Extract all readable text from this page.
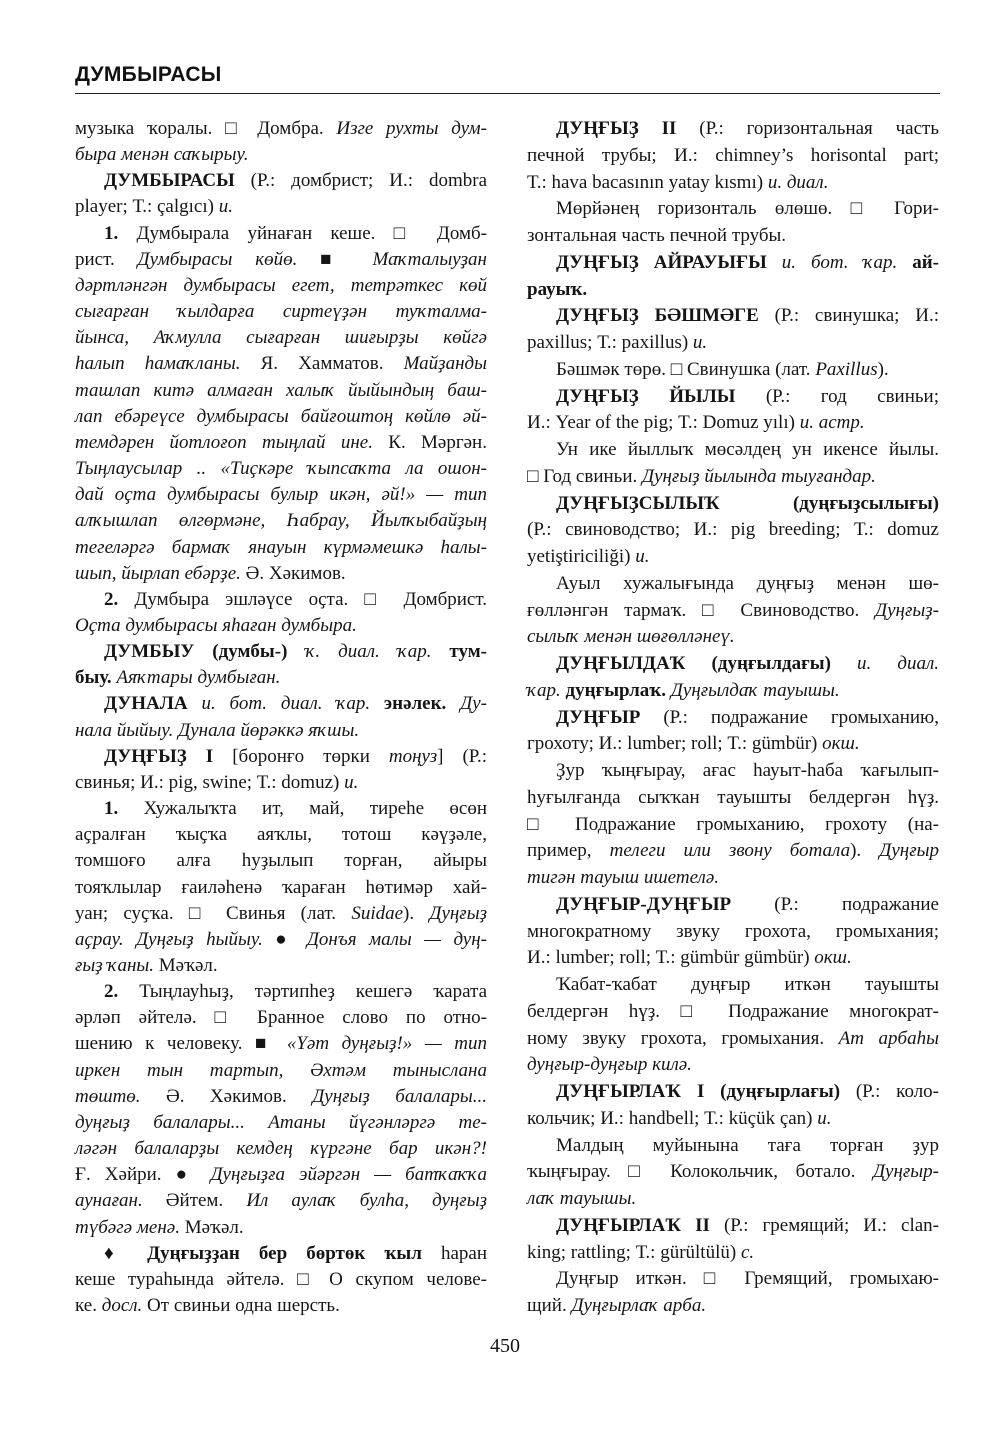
ДУМБЫРАСЫ
музыка ҡоралы. □ Домбра. Изге рухты дум-
быра менән саҡырыу.
ДУМБЫРАСЫ (Р.: домбрист; И.: dombra
player; Т.: çalgıcı) и.
1. Думбырала уйнаған кеше. □ Домб-
рист. Думбырасы көйө. ■ Маҡталыуҙан
дәртләнгән думбырасы егет, тетрәткес көй
сығарған ҡылдарға сиртеүҙән туҡталма-
йынса, Аҡмулла сығарған шиғырҙы көйгә
һалып һамаҡланы. Я. Хамматов. Майҙанды
ташлап китә алмаған халыҡ йыйындың баш-
лап ебәреүсе думбырасы байғоштоң көйлө әй-
темдәрен йотлоғоп тыңлай ине. К. Мәргән.
Тыңлаусылар .. «Тиҫкәре ҡыпсаҡта ла ошон-
дай оҫта думбырасы булыр икән, әй!» — тип
алҡышлап өлгөрмәне, Һабрау, Йылҡыбайҙың
тегеләргә бармаҡ янауын күрмәмешкә һалы-
шып, йырлап ебәрҙе. Ә. Хәкимов.
2. Думбыра эшләүсе оҫта. □ Домбрист.
Оҫта думбырасы яһаған думбыра.
ДУМБЫУ (думбы-) ҡ. диал. ҡар. тум-
быу. Аяҡтары думбыған.
ДУНАЛА и. бот. диал. ҡар. энәлек. Ду-
нала йыйыу. Дунала йөрәккә яҡшы.
ДУҢҒЫҘ I [боронғо төрки тоңуз] (Р.:
свинья; И.: pig, swine; Т.: domuz) и.
1. Хужалыҡта ит, май, тиреһе өсөн
аҫралған ҡыҫҡа аяҡлы, тотош кәүҙәле,
томшоғо алға һуҙылып торған, айыры
тояҡлылар ғаиләһенә ҡараған һөтимәр хай-
уан; суҫҡа. □ Свинья (лат. Suidae). Дуңғыҙ
аҫрау. Дуңғыҙ һыйыу. ● Донъя малы — дуң-
ғыҙ ҡаны. Мәҡәл.
2. Тыңлауһыҙ, тәртипһеҙ кешегә ҡарата
әрләп әйтелә. □ Бранное слово по отно-
шению к человеку. ■ «Үәт дуңғыҙ!» — тип
иркен тын тартып, Әхтәм тыныслана
төштө. Ә. Хәкимов. Дуңғыҙ балалары...
дуңғыҙ балалары... Атаны йүгәнләргә те-
ләгән балаларҙы кемдең күргәне бар икән?!
Ғ. Хәйри. ● Дуңғыҙға эйәргән — батҡаҡҡа
аунаған. Әйтем. Ил аулаҡ булһа, дуңғыҙ
түбәгә менә. Мәҡәл.
♦ Дуңғыҙҙан бер бөртөк ҡыл һаран
кеше тураһында әйтелә. □ О скупом челове-
ке. досл. От свиньи одна шерсть.
ДУҢҒЫҘ II (Р.: горизонтальная часть
печной трубы; И.: chimney’s horisontal part;
Т.: hava bacasının yatay kısmı) и. диал.
Мөрйәнең горизонталь өлөшө. □ Гори-
зонтальная часть печной трубы.
ДУҢҒЫҘ АЙРАУЫҒЫ и. бот. ҡар. ай-
рауыҡ.
ДУҢҒЫҘ БӘШМӘГЕ (Р.: свинушка; И.:
paxillus; Т.: paxillus) и.
Бәшмәк төрө. □ Свинушка (лат. Paxillus).
ДУҢҒЫҘ ЙЫЛЫ (Р.: год свиньи;
И.: Year of the pig; Т.: Domuz yılı) и. астр.
Ун ике йыллыҡ мөсәлдең ун икенсе йылы.
□ Год свиньи. Дуңғыҙ йылында тыуғандар.
ДУҢҒЫҘСЫЛЫҠ (дуңғыҙсылығы)
(Р.: свиноводство; И.: pig breeding; Т.: domuz
yetiştiriciliği) и.
Ауыл хужалығында дуңғыҙ менән шө-
ғөлләнгән тармаҡ. □ Свиноводство. Дуңғыҙ-
сылыҡ менән шөғөлләнеү.
ДУҢҒЫЛДАҠ (дуңғылдағы) и. диал.
ҡар. дуңғырлаҡ. Дуңғылдаҡ тауышы.
ДУҢҒЫР (Р.: подражание громыханию,
грохоту; И.: lumber; roll; Т.: gümbür) окш.
Ҙур ҡыңғырау, ағас һауыт-һаба ҡағылып-
һуғылғанда сыҡҡан тауышты белдергән һүҙ.
□ Подражание громыханию, грохоту (на-
пример, телеги или звону ботала). Дуңғыр
тигән тауыш ишетелә.
ДУҢҒЫР-ДУҢҒЫР (Р.: подражание
многократному звуку грохота, громыхания;
И.: lumber; roll; Т.: gümbür gümbür) окш.
Ҡабат-ҡабат дуңғыр иткән тауышты
белдергән һүҙ. □ Подражание многократ-
ному звуку грохота, громыхания. Ат арбаһы
дуңғыр-дуңғыр килә.
ДУҢҒЫРЛАҠ I (дуңғырлағы) (Р.: коло-
кольчик; И.: handbell; Т.: küçük çan) и.
Малдың муйынына таға торған ҙур
ҡыңғырау. □ Колокольчик, ботало. Дуңғыр-
лаҡ тауышы.
ДУҢҒЫРЛАҠ II (Р.: гремящий; И.: clan-
king; rattling; Т.: gürültülü) с.
Дуңғыр иткән. □ Гремящий, громыхаю-
щий. Дуңғырлаҡ арба.
450
